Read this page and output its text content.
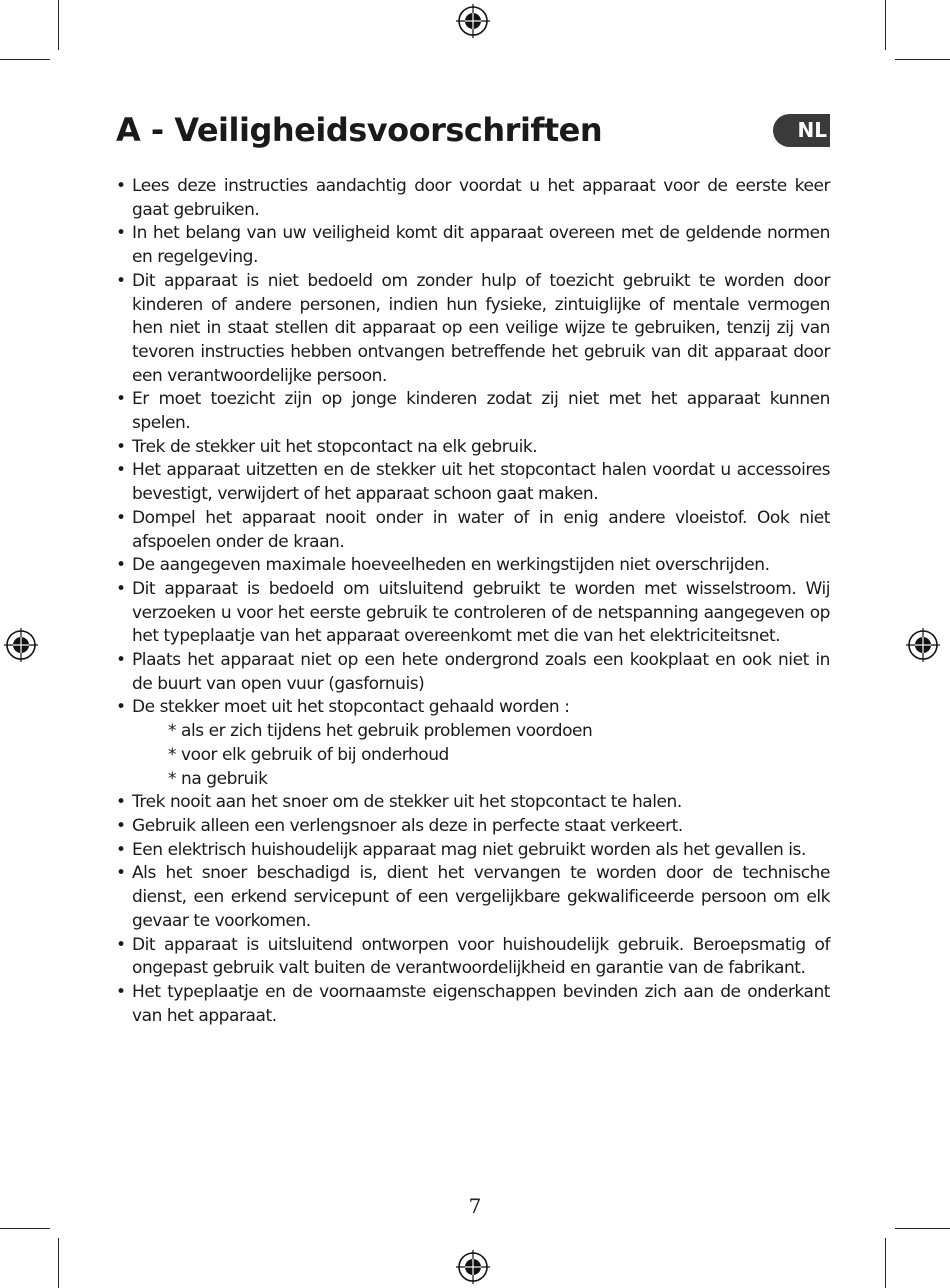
A - Veiligheidsvoorschriften	NL
• Lees deze instructies aandachtig door voordat u het apparaat voor de eerste keer gaat gebruiken.
• In het belang van uw veiligheid komt dit apparaat overeen met de geldende normen en regelgeving.
• Dit apparaat is niet bedoeld om zonder hulp of toezicht gebruikt te worden door kinderen of andere personen, indien hun fysieke, zintuiglijke of mentale vermogen hen niet in staat stellen dit apparaat op een veilige wijze te gebruiken, tenzij zij van tevoren instructies hebben ontvangen betreffende het gebruik van dit apparaat door een verantwoordelijke persoon.
• Er moet toezicht zijn op jonge kinderen zodat zij niet met het apparaat kunnen spelen.
• Trek de stekker uit het stopcontact na elk gebruik.
• Het apparaat uitzetten en de stekker uit het stopcontact halen voordat u accessoires bevestigt, verwijdert of het apparaat schoon gaat maken.
• Dompel het apparaat nooit onder in water of in enig andere vloeistof. Ook niet afspoelen onder de kraan.
• De aangegeven maximale hoeveelheden en werkingstijden niet overschrijden.
• Dit apparaat is bedoeld om uitsluitend gebruikt te worden met wisselstroom. Wij verzoeken u voor het eerste gebruik te controleren of de netspanning aangegeven op het typeplaatje van het apparaat overeenkomt met die van het elektriciteitsnet.
• Plaats het apparaat niet op een hete ondergrond zoals een kookplaat en ook niet in de buurt van open vuur (gasfornuis)
• De stekker moet uit het stopcontact gehaald worden :
* als er zich tijdens het gebruik problemen voordoen
* voor elk gebruik of bij onderhoud
* na gebruik
• Trek nooit aan het snoer om de stekker uit het stopcontact te halen.
• Gebruik alleen een verlengsnoer als deze in perfecte staat verkeert.
• Een elektrisch huishoudelijk apparaat mag niet gebruikt worden als het gevallen is.
• Als het snoer beschadigd is, dient het vervangen te worden door de technische dienst, een erkend servicepunt of een vergelijkbare gekwalificeerde persoon om elk gevaar te voorkomen.
• Dit apparaat is uitsluitend ontworpen voor huishoudelijk gebruik. Beroepsmatig of ongepast gebruik valt buiten de verantwoordelijkheid en garantie van de fabrikant.
• Het typeplaatje en de voornaamste eigenschappen bevinden zich aan de onderkant van het apparaat.
7
